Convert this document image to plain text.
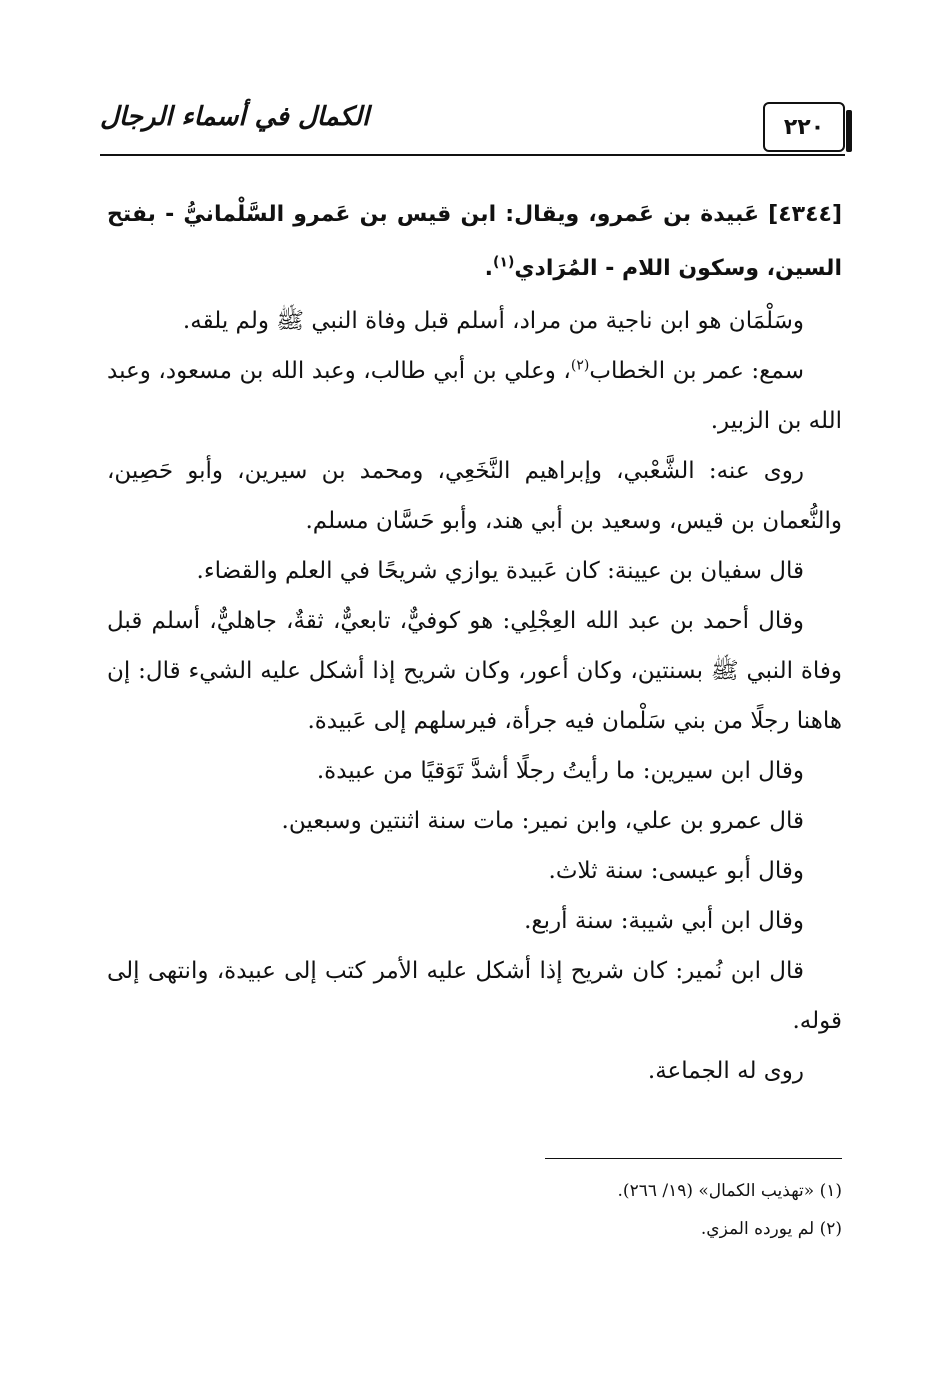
الكمال في أسماء الرجال	٢٢٠

[٤٣٤٤] عَبيدة بن عَمرو، ويقال: ابن قيس بن عَمرو السَّلْمانيُّ - بفتح السين، وسكون اللام - المُرَادي$^{(١)}$.

وسَلْمَان هو ابن ناجية من مراد، أسلم قبل وفاة النبي ﷺ ولم يلقه.

سمع: عمر بن الخطاب$^{(٢)}$، وعلي بن أبي طالب، وعبد الله بن مسعود، وعبد الله بن الزبير.

روى عنه: الشَّعْبي، وإبراهيم النَّخَعِي، ومحمد بن سيرين، وأبو حَصِين، والنُّعمان بن قيس، وسعيد بن أبي هند، وأبو حَسَّان مسلم.

قال سفيان بن عيينة: كان عَبيدة يوازي شريحًا في العلم والقضاء.

وقال أحمد بن عبد الله العِجْلِي: هو كوفيٌّ، تابعيٌّ، ثقةٌ، جاهليٌّ، أسلم قبل وفاة النبي ﷺ بسنتين، وكان أعور، وكان شريح إذا أشكل عليه الشيء قال: إن هاهنا رجلًا من بني سَلْمان فيه جرأة، فيرسلهم إلى عَبيدة.

وقال ابن سيرين: ما رأيتُ رجلًا أشدَّ تَوَقيًا من عبيدة.

قال عمرو بن علي، وابن نمير: مات سنة اثنتين وسبعين.

وقال أبو عيسى: سنة ثلاث.

وقال ابن أبي شيبة: سنة أربع.

قال ابن نُمير: كان شريح إذا أشكل عليه الأمر كتب إلى عبيدة، وانتهى إلى قوله.

روى له الجماعة.

(١) «تهذيب الكمال» (١٩/ ٢٦٦).

(٢) لم يورده المزي.
